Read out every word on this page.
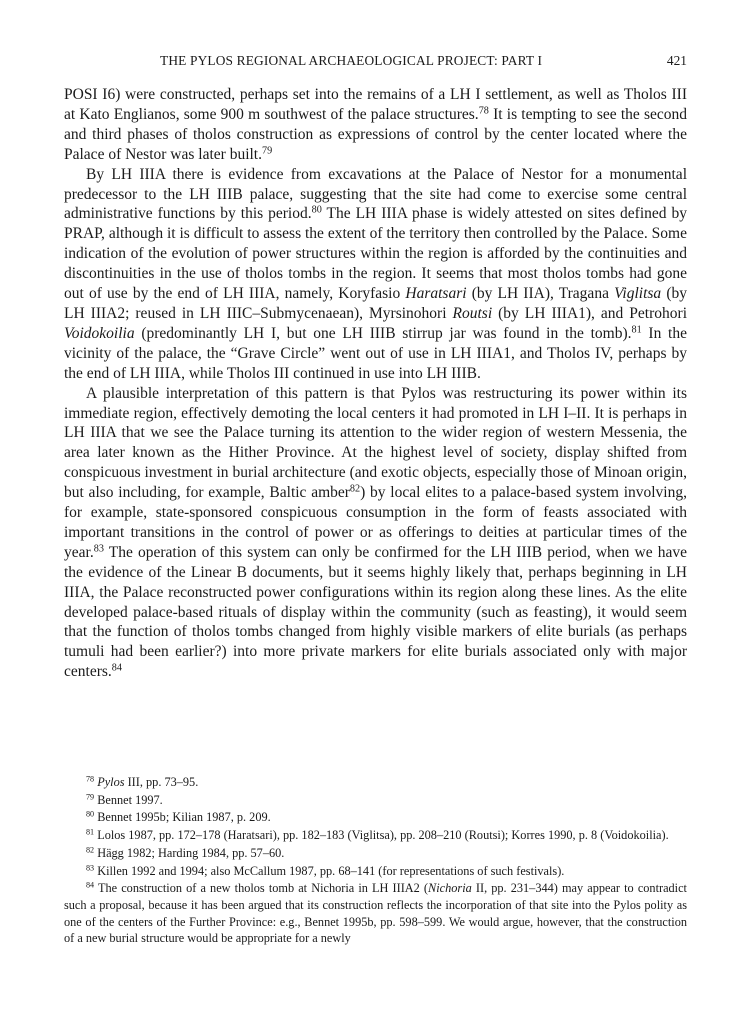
THE PYLOS REGIONAL ARCHAEOLOGICAL PROJECT: PART I	421

POSI I6) were constructed, perhaps set into the remains of a LH I settlement, as well as Tholos III at Kato Englianos, some 900 m southwest of the palace structures.$^{78}$ It is tempting to see the second and third phases of tholos construction as expressions of control by the center located where the Palace of Nestor was later built.$^{79}$

By LH IIIA there is evidence from excavations at the Palace of Nestor for a monumental predecessor to the LH IIIB palace, suggesting that the site had come to exercise some central administrative functions by this period.$^{80}$ The LH IIIA phase is widely attested on sites defined by PRAP, although it is difficult to assess the extent of the territory then controlled by the Palace. Some indication of the evolution of power structures within the region is afforded by the continuities and discontinuities in the use of tholos tombs in the region. It seems that most tholos tombs had gone out of use by the end of LH IIIA, namely, Koryfasio Haratsari (by LH IIA), Tragana Viglitsa (by LH IIIA2; reused in LH IIIC–Submycenaean), Myrsinohori Routsi (by LH IIIA1), and Petrohori Voidokoilia (predominantly LH I, but one LH IIIB stirrup jar was found in the tomb).$^{81}$ In the vicinity of the palace, the “Grave Circle” went out of use in LH IIIA1, and Tholos IV, perhaps by the end of LH IIIA, while Tholos III continued in use into LH IIIB.

A plausible interpretation of this pattern is that Pylos was restructuring its power within its immediate region, effectively demoting the local centers it had promoted in LH I–II. It is perhaps in LH IIIA that we see the Palace turning its attention to the wider region of western Messenia, the area later known as the Hither Province. At the highest level of society, display shifted from conspicuous investment in burial architecture (and exotic objects, especially those of Minoan origin, but also including, for example, Baltic amber$^{82}$) by local elites to a palace-based system involving, for example, state-sponsored conspicuous consumption in the form of feasts associated with important transitions in the control of power or as offerings to deities at particular times of the year.$^{83}$ The operation of this system can only be confirmed for the LH IIIB period, when we have the evidence of the Linear B documents, but it seems highly likely that, perhaps beginning in LH IIIA, the Palace reconstructed power configurations within its region along these lines. As the elite developed palace-based rituals of display within the community (such as feasting), it would seem that the function of tholos tombs changed from highly visible markers of elite burials (as perhaps tumuli had been earlier?) into more private markers for elite burials associated only with major centers.$^{84}$

$^{78}$ Pylos III, pp. 73–95.

$^{79}$ Bennet 1997.

$^{80}$ Bennet 1995b; Kilian 1987, p. 209.

$^{81}$ Lolos 1987, pp. 172–178 (Haratsari), pp. 182–183 (Viglitsa), pp. 208–210 (Routsi); Korres 1990, p. 8 (Voidokoilia).

$^{82}$ Hägg 1982; Harding 1984, pp. 57–60.

$^{83}$ Killen 1992 and 1994; also McCallum 1987, pp. 68–141 (for representations of such festivals).

$^{84}$ The construction of a new tholos tomb at Nichoria in LH IIIA2 (Nichoria II, pp. 231–344) may appear to contradict such a proposal, because it has been argued that its construction reflects the incorporation of that site into the Pylos polity as one of the centers of the Further Province: e.g., Bennet 1995b, pp. 598–599. We would argue, however, that the construction of a new burial structure would be appropriate for a newly
